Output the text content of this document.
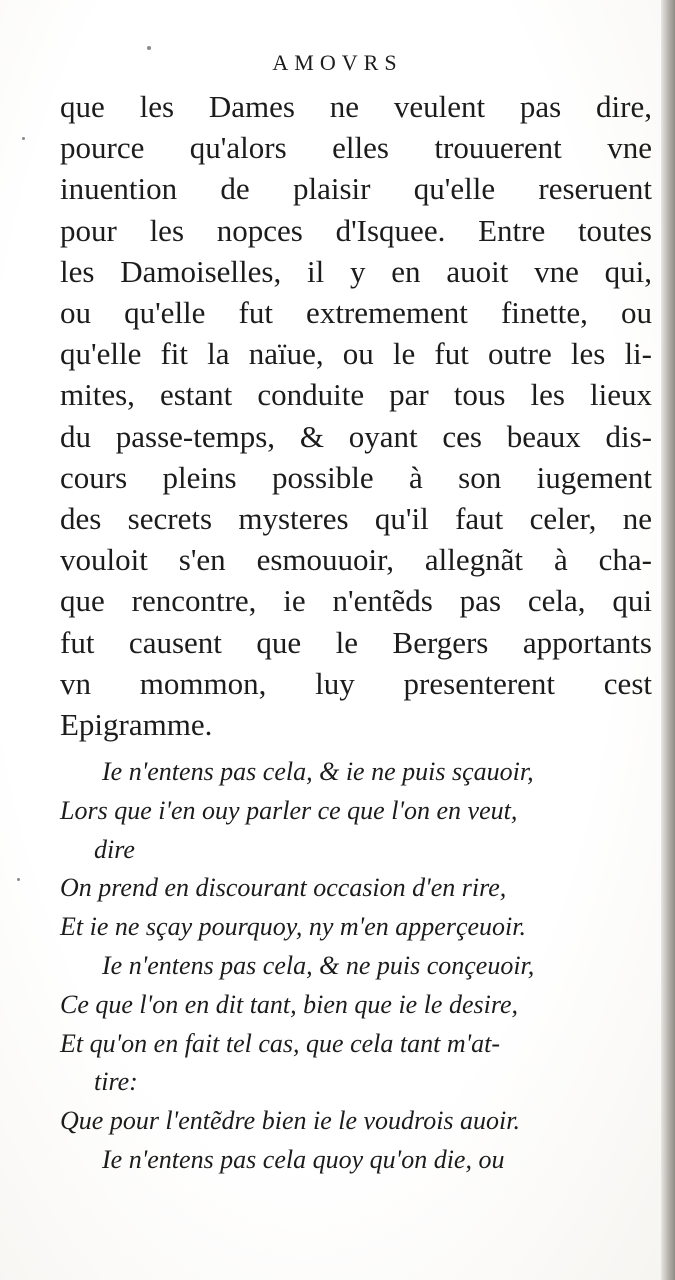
AMOVRS
que les Dames ne veulent pas dire,
pource qu'alors elles trouuerent vne
inuention de plaisir qu'elle reseruent
pour les nopces d'Isquee. Entre toutes
les Damoiselles, il y en auoit vne qui,
ou qu'elle fut extremement finette, ou
qu'elle fit la naïue, ou le fut outre les li-
mites, estant conduite par tous les lieux
du passe-temps, & oyant ces beaux dis-
cours pleins possible à son iugement
des secrets mysteres qu'il faut celer, ne
vouloit s'en esmouuoir, allegnãt à cha-
que rencontre, ie n'entẽds pas cela, qui
fut causent que le Bergers apportants
vn mommon, luy presenterent cest
Epigramme.
Ie n'entens pas cela, & ie ne puis sçauoir,
Lors que i'en ouy parler ce que l'on en veut,
dire
On prend en discourant occasion d'en rire,
Et ie ne sçay pourquoy, ny m'en apperçeuoir.
Ie n'entens pas cela, & ne puis conçeuoir,
Ce que l'on en dit tant, bien que ie le desire,
Et qu'on en fait tel cas, que cela tant m'at-
tire:
Que pour l'entẽdre bien ie le voudrois auoir.
Ie n'entens pas cela quoy qu'on die, ou
